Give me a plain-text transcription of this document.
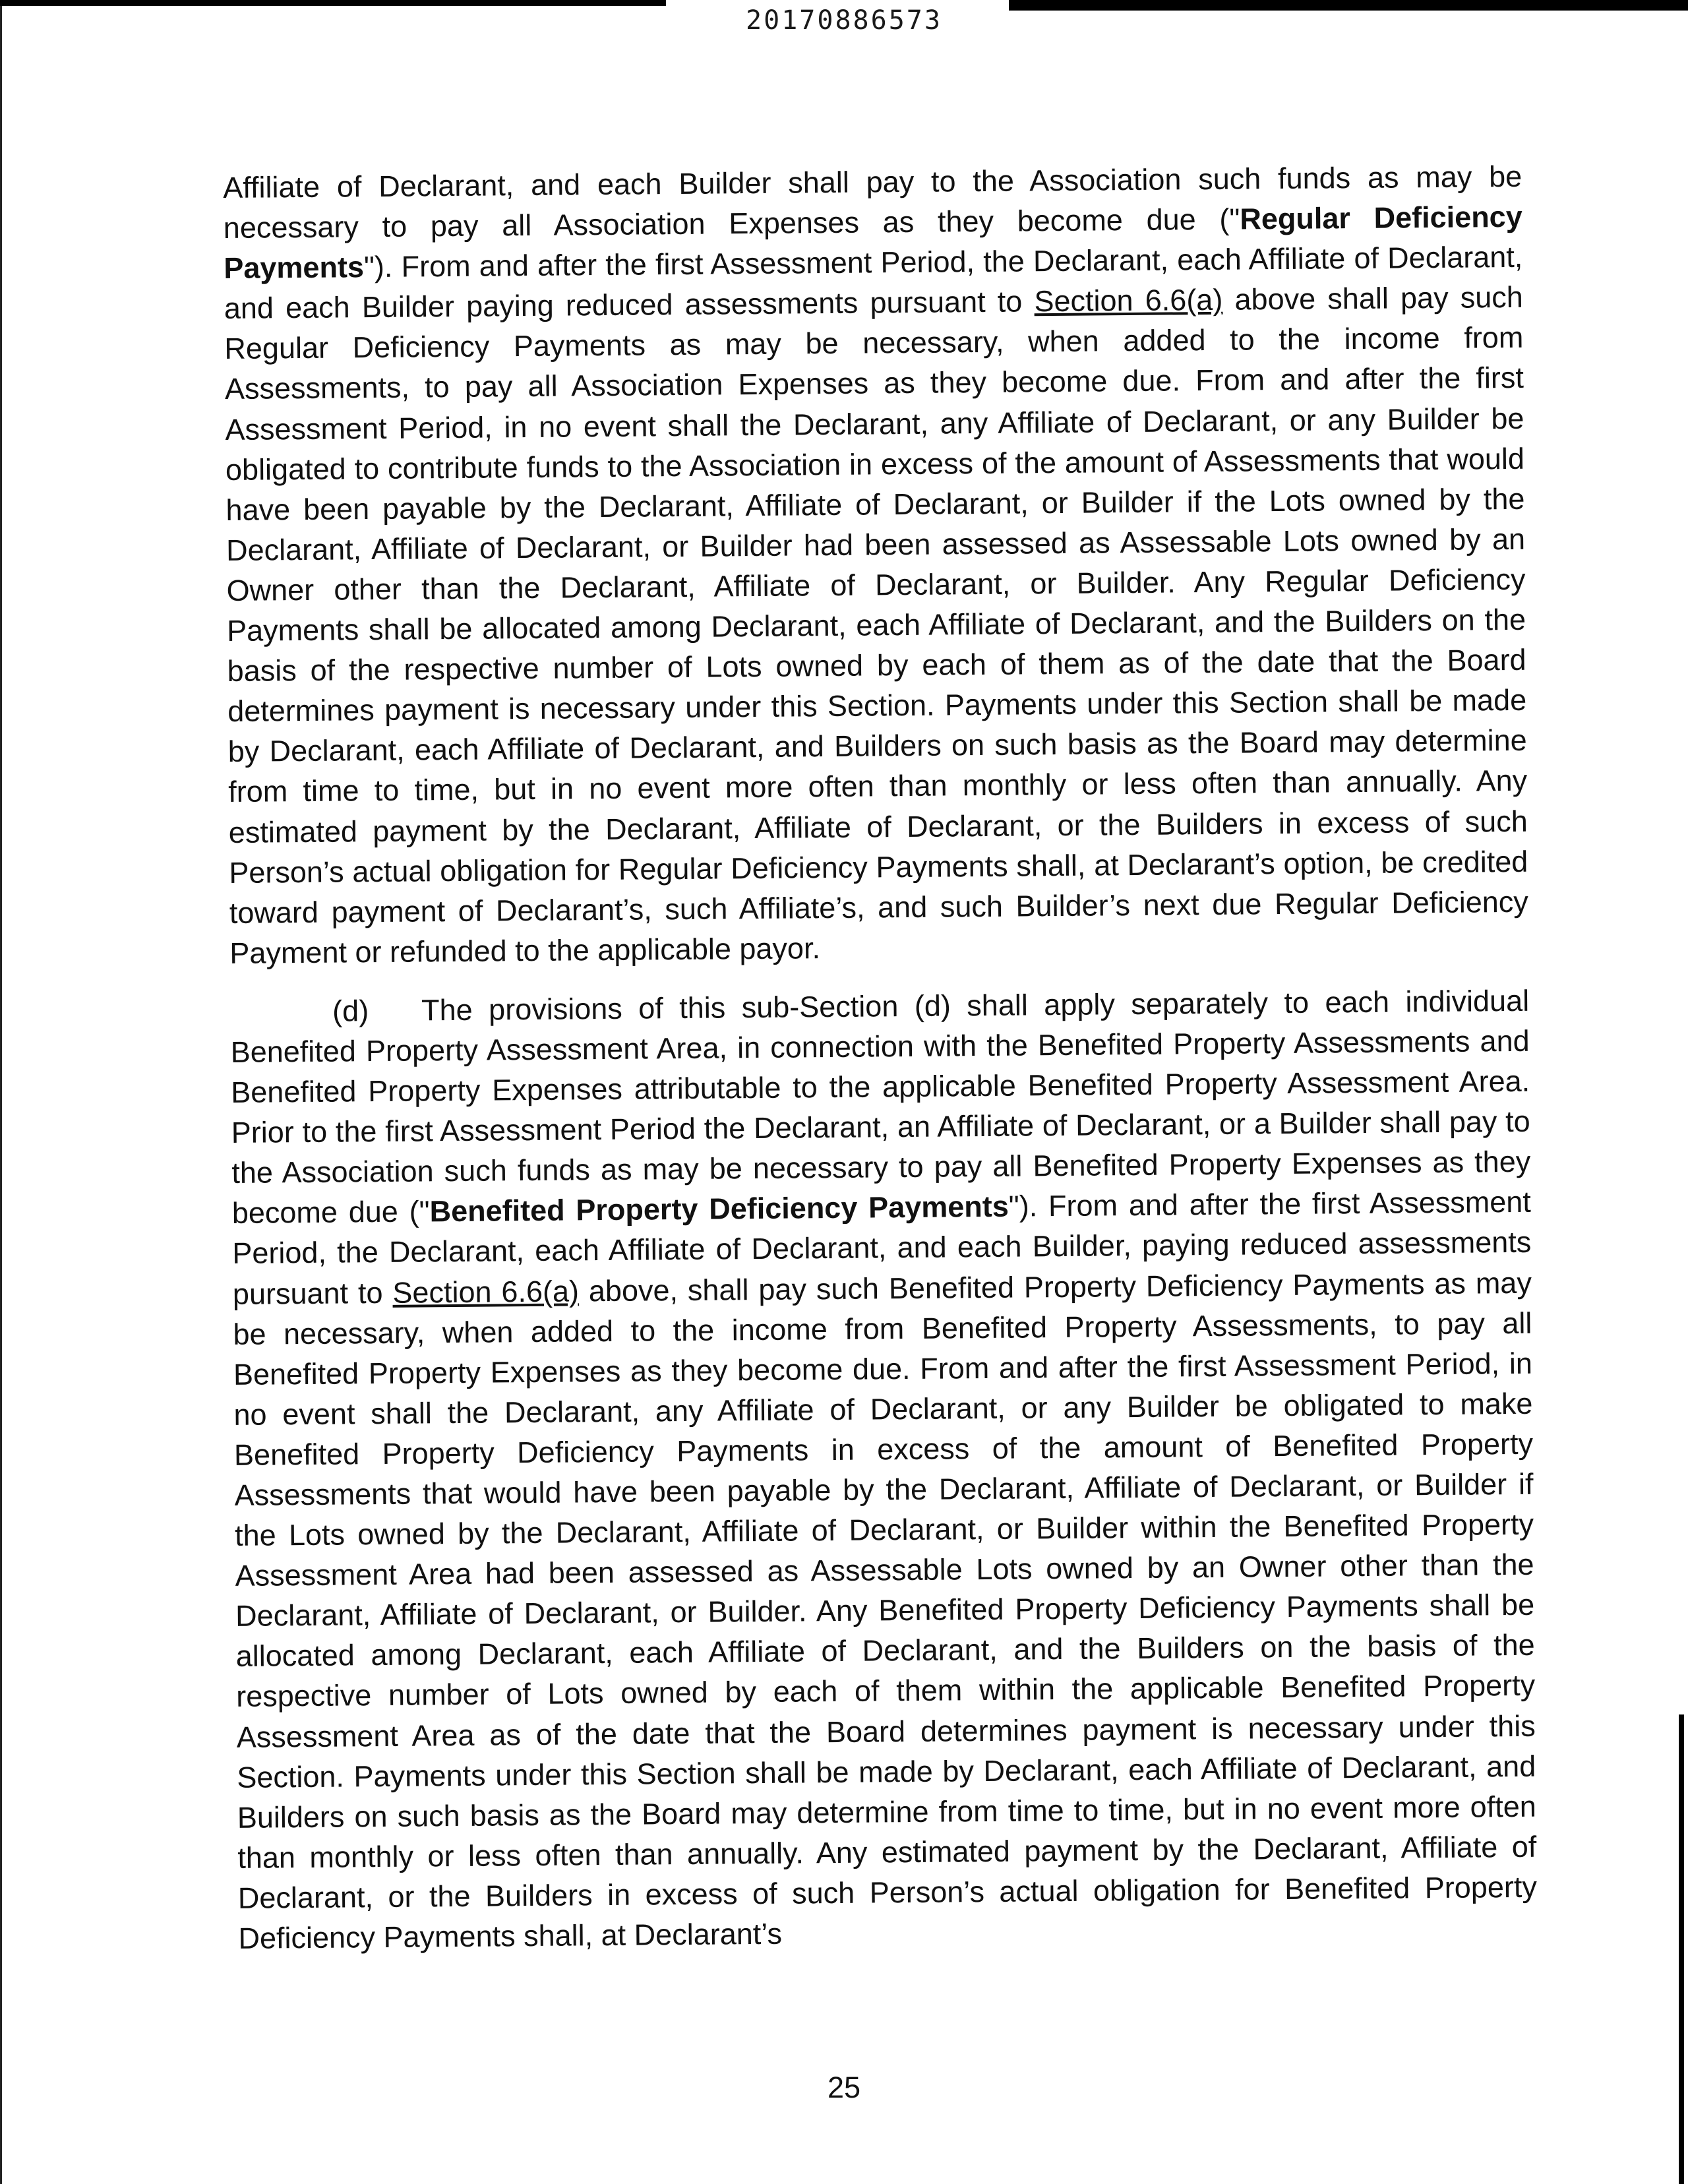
20170886573

Affiliate of Declarant, and each Builder shall pay to the Association such funds as may be necessary to pay all Association Expenses as they become due ("Regular Deficiency Payments"). From and after the first Assessment Period, the Declarant, each Affiliate of Declarant, and each Builder paying reduced assessments pursuant to Section 6.6(a) above shall pay such Regular Deficiency Payments as may be necessary, when added to the income from Assessments, to pay all Association Expenses as they become due. From and after the first Assessment Period, in no event shall the Declarant, any Affiliate of Declarant, or any Builder be obligated to contribute funds to the Association in excess of the amount of Assessments that would have been payable by the Declarant, Affiliate of Declarant, or Builder if the Lots owned by the Declarant, Affiliate of Declarant, or Builder had been assessed as Assessable Lots owned by an Owner other than the Declarant, Affiliate of Declarant, or Builder. Any Regular Deficiency Payments shall be allocated among Declarant, each Affiliate of Declarant, and the Builders on the basis of the respective number of Lots owned by each of them as of the date that the Board determines payment is necessary under this Section. Payments under this Section shall be made by Declarant, each Affiliate of Declarant, and Builders on such basis as the Board may determine from time to time, but in no event more often than monthly or less often than annually. Any estimated payment by the Declarant, Affiliate of Declarant, or the Builders in excess of such Person’s actual obligation for Regular Deficiency Payments shall, at Declarant’s option, be credited toward payment of Declarant’s, such Affiliate’s, and such Builder’s next due Regular Deficiency Payment or refunded to the applicable payor.

(d) The provisions of this sub-Section (d) shall apply separately to each individual Benefited Property Assessment Area, in connection with the Benefited Property Assessments and Benefited Property Expenses attributable to the applicable Benefited Property Assessment Area. Prior to the first Assessment Period the Declarant, an Affiliate of Declarant, or a Builder shall pay to the Association such funds as may be necessary to pay all Benefited Property Expenses as they become due ("Benefited Property Deficiency Payments"). From and after the first Assessment Period, the Declarant, each Affiliate of Declarant, and each Builder, paying reduced assessments pursuant to Section 6.6(a) above, shall pay such Benefited Property Deficiency Payments as may be necessary, when added to the income from Benefited Property Assessments, to pay all Benefited Property Expenses as they become due. From and after the first Assessment Period, in no event shall the Declarant, any Affiliate of Declarant, or any Builder be obligated to make Benefited Property Deficiency Payments in excess of the amount of Benefited Property Assessments that would have been payable by the Declarant, Affiliate of Declarant, or Builder if the Lots owned by the Declarant, Affiliate of Declarant, or Builder within the Benefited Property Assessment Area had been assessed as Assessable Lots owned by an Owner other than the Declarant, Affiliate of Declarant, or Builder. Any Benefited Property Deficiency Payments shall be allocated among Declarant, each Affiliate of Declarant, and the Builders on the basis of the respective number of Lots owned by each of them within the applicable Benefited Property Assessment Area as of the date that the Board determines payment is necessary under this Section. Payments under this Section shall be made by Declarant, each Affiliate of Declarant, and Builders on such basis as the Board may determine from time to time, but in no event more often than monthly or less often than annually. Any estimated payment by the Declarant, Affiliate of Declarant, or the Builders in excess of such Person’s actual obligation for Benefited Property Deficiency Payments shall, at Declarant’s

25
